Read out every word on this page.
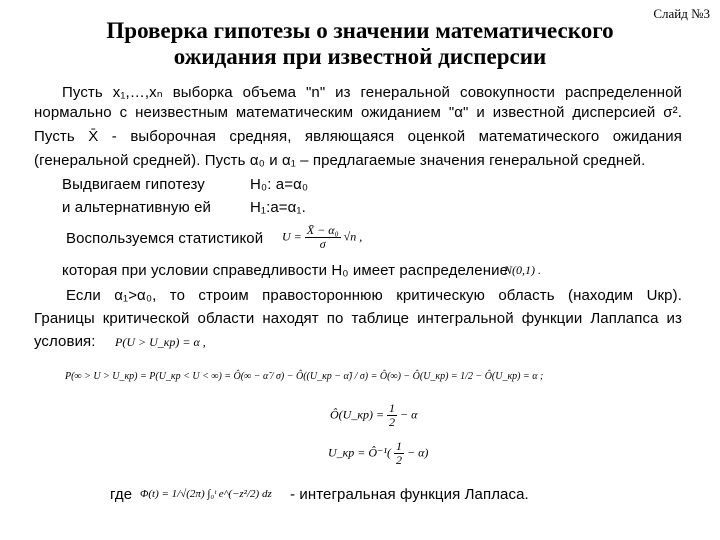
Слайд №3
Проверка гипотезы о значении математического
ожидания при известной дисперсии
Пусть x₁,…,xₙ выборка объема "n" из генеральной совокупности распределенной
нормально с неизвестным математическим ожиданием "α" и известной дисперсией σ².
Пусть X̄ - выборочная средняя, являющаяся оценкой математического ожидания
(генеральной средней). Пусть α₀ и α₁ – предлагаемые значения генеральной средней.
Выдвигаем гипотезу	H₀: a=α₀
и альтернативную ей	H₁:a=α₁.
Воспользуемся статистикой $U = \frac{\text{X̄ − α₀}}{\sigma} √n$ ,
которая при условии справедливости H₀ имеет распределение
N(0,1) .
Если α₁>α₀, то строим правостороннюю критическую область (находим Uкр).
Границы критической области находят по таблице интегральной функции Лаплапса из
условия: P(U > U_кр) = α ,
P(∞ > U > U_кр) = P(U_кр < U < ∞) = Ô(∞ − α̃ / σ) − Ô((U_кр − α̃) / σ) = Ô(∞) − Ô(U_кр) = 1/2 − Ô(U_кр) = α ;
Ô(U_кр) = $\frac{1}{2} - \alpha$
U_кр = Ô⁻¹( $\frac{1}{2} - \alpha$)
где Φ(t) = 1/√(2π) ∫₀ᵗ e^(−z²/2) dz - интегральная функция Лапласа.
